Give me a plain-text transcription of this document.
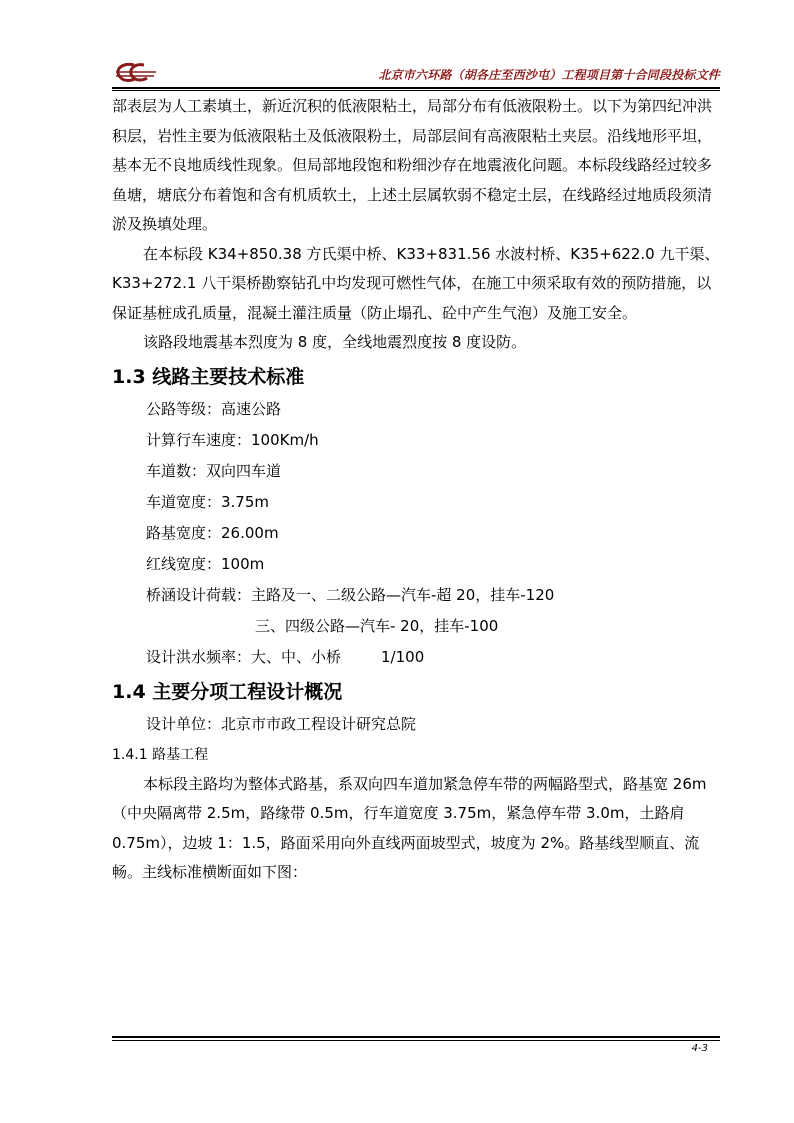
北京市六环路（胡各庄至西沙屯）工程项目第十合同段投标文件

部表层为人工素填土，新近沉积的低液限粘土，局部分布有低液限粉土。以下为第四纪冲洪积层，岩性主要为低液限粘土及低液限粉土，局部层间有高液限粘土夹层。沿线地形平坦，基本无不良地质线性现象。但局部地段饱和粉细沙存在地震液化问题。本标段线路经过较多鱼塘，塘底分布着饱和含有机质软土，上述土层属软弱不稳定土层，在线路经过地质段须清淤及换填处理。

在本标段 K34+850.38 方氏渠中桥、K33+831.56 水波村桥、K35+622.0 九干渠、K33+272.1 八干渠桥勘察钻孔中均发现可燃性气体，在施工中须采取有效的预防措施，以保证基桩成孔质量，混凝土灌注质量（防止塌孔、砼中产生气泡）及施工安全。

该路段地震基本烈度为 8 度，全线地震烈度按 8 度设防。

1.3 线路主要技术标准

公路等级：高速公路

计算行车速度：100Km/h

车道数：双向四车道

车道宽度：3.75m

路基宽度：26.00m

红线宽度：100m

桥涵设计荷载：主路及一、二级公路—汽车-超 20，挂车-120

三、四级公路—汽车- 20，挂车-100

设计洪水频率：大、中、小桥	1/100

1.4 主要分项工程设计概况

设计单位：北京市市政工程设计研究总院

1.4.1 路基工程

本标段主路均为整体式路基，系双向四车道加紧急停车带的两幅路型式，路基宽 26m（中央隔离带 2.5m，路缘带 0.5m，行车道宽度 3.75m，紧急停车带 3.0m，土路肩 0.75m），边坡 1：1.5，路面采用向外直线两面坡型式，坡度为 2%。路基线型顺直、流畅。主线标准横断面如下图：

4-3
